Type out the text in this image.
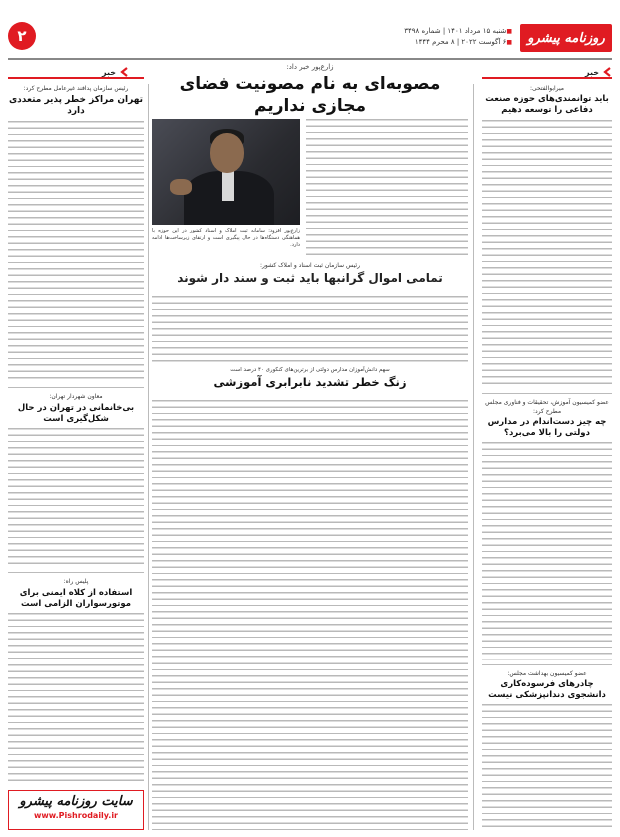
روزنامه پیشرو
■ شنبه ۱۵ مرداد ۱۴۰۱ | شماره ۳۴۹۸
■ ۶ آگوست ۲۰۲۲ | ۸ محرم ۱۴۴۴
۲
خبر
خبر
میرابوالفتحی:
باید توانمندی‌های حوزه صنعت دفاعی را توسعه دهیم
عضو کمیسیون آموزش، تحقیقات و فناوری مجلس مطرح کرد:
چه چیز دست‌اندام در مدارس دولتی را بالا می‌برد؟
عضو کمیسیون بهداشت مجلس:
چادرهای فرسوده‌کاری دانشجوی دندانپزشکی نیست
زارع‌پور خبر داد:
مصوبه‌ای به نام مصونیت فضای مجازی نداریم
زارع‌پور افزود: سامانه ثبت املاک و اسناد کشور در این حوزه با هماهنگی دستگاه‌ها در حال پیگیری است و ارتقای زیرساخت‌ها ادامه دارد.
رئیس سازمان ثبت اسناد و املاک کشور:
تمامی اموال گرانبها باید ثبت و سند دار شوند
سهم دانش‌آموزان مدارس دولتی از برترین‌های کنکوری ۴۰ درصد است
زنگ خطر تشدید نابرابری آموزشی
رئیس سازمان پدافند غیرعامل مطرح کرد:
تهران مراکز خطر پذیر متعددی دارد
معاون شهردار تهران:
بی‌خانمانی در تهران در حال شکل‌گیری است
پلیس راه:
استفاده از کلاه ایمنی برای موتورسواران الزامی است
سایت روزنامه پیشرو
www.Pishrodaily.ir
